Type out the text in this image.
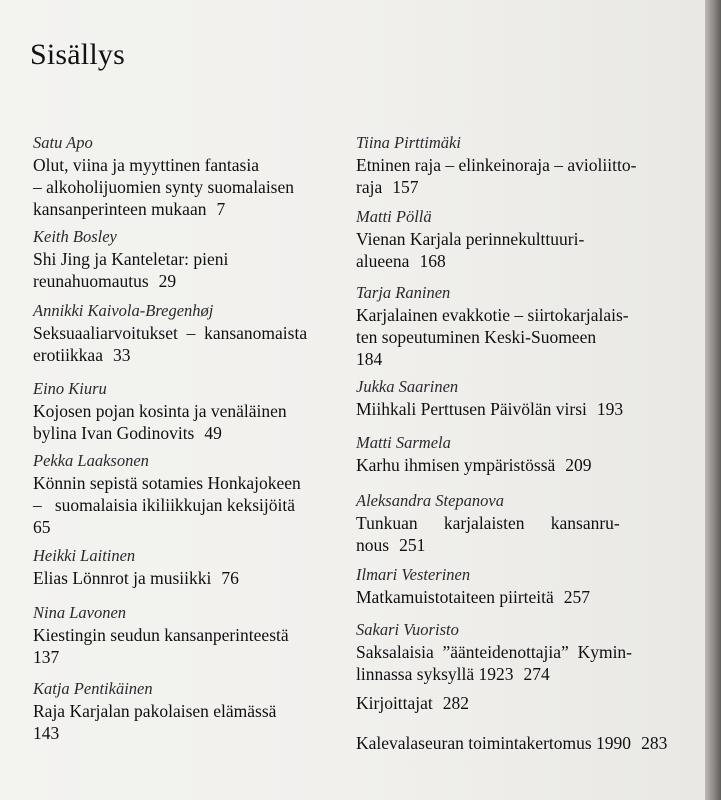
Sisällys
Satu Apo
Olut, viina ja myyttinen fantasia
– alkoholijuomien synty suomalaisen
kansanperinteen mukaan 7
Keith Bosley
Shi Jing ja Kanteletar: pieni
reunahuomautus 29
Annikki Kaivola-Bregenhøj
Seksuaaliarvoitukset  –  kansanomaista
erotiikkaa 33
Eino Kiuru
Kojosen pojan kosinta ja venäläinen
bylina Ivan Godinovits 49
Pekka Laaksonen
Könnin sepistä sotamies Honkajokeen
–   suomalaisia ikiliikkujan keksijöitä
65
Heikki Laitinen
Elias Lönnrot ja musiikki 76
Nina Lavonen
Kiestingin seudun kansanperinteestä
137
Katja Pentikäinen
Raja Karjalan pakolaisen elämässä
143
Tiina Pirttimäki
Etninen raja – elinkeinoraja – avioliitto-
raja 157
Matti Pöllä
Vienan Karjala perinnekulttuuri-
alueena 168
Tarja Raninen
Karjalainen evakkotie – siirtokarjalais-
ten sopeutuminen Keski-Suomeen
184
Jukka Saarinen
Miihkali Perttusen Päivölän virsi 193
Matti Sarmela
Karhu ihmisen ympäristössä 209
Aleksandra Stepanova
Tunkuan      karjalaisten      kansanru-
nous 251
Ilmari Vesterinen
Matkamuistotaiteen piirteitä 257
Sakari Vuoristo
Saksalaisia  ”äänteidenottajia”  Kymin-
linnassa syksyllä 1923 274
Kirjoittajat 282
Kalevalaseuran toimintakertomus 1990 283
